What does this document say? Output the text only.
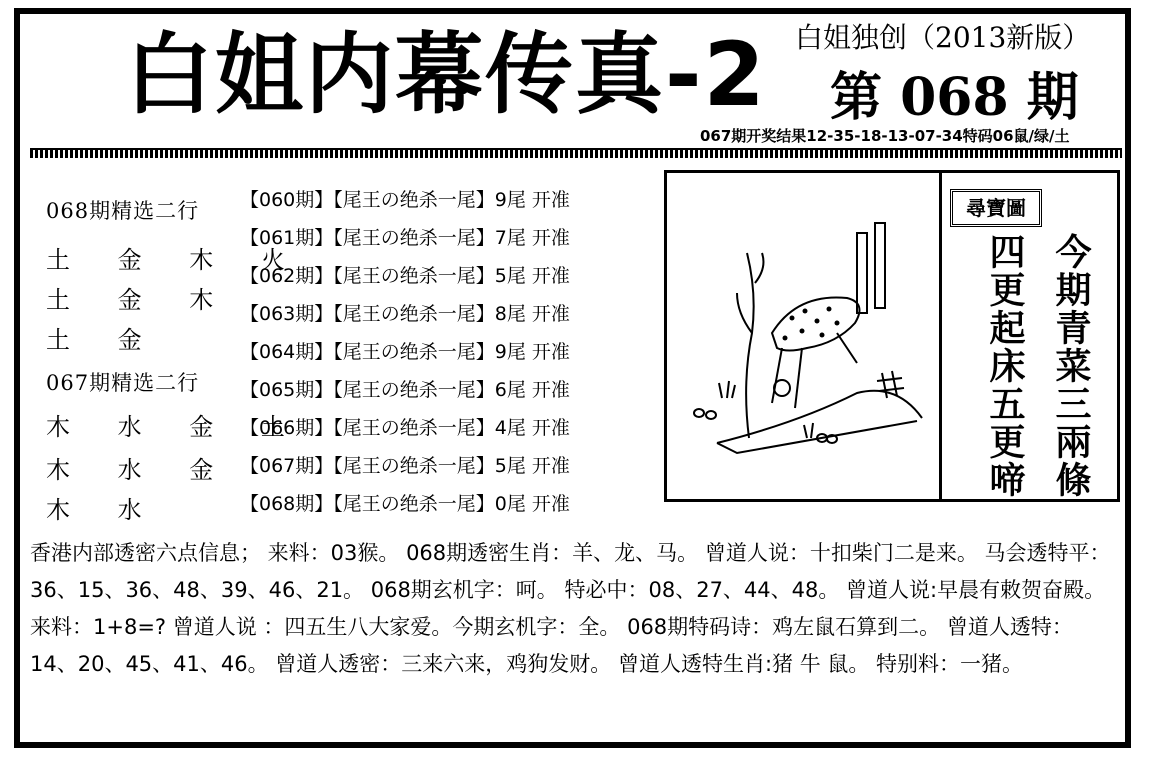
白姐内幕传真-2 白姐独创（2013新版）
第 068 期
067期开奖结果12-35-18-13-07-34特码06鼠/绿/土
068期精选二行
土 金 木 火
土 金 木
土 金
067期精选二行
木 水 金 土
木 水 金
木 水
【060期】【尾王の绝杀一尾】9尾 开准
【061期】【尾王の绝杀一尾】7尾 开准
【062期】【尾王の绝杀一尾】5尾 开准
【063期】【尾王の绝杀一尾】8尾 开准
【064期】【尾王の绝杀一尾】9尾 开准
【065期】【尾王の绝杀一尾】6尾 开准
【066期】【尾王の绝杀一尾】4尾 开准
【067期】【尾王の绝杀一尾】5尾 开准
【068期】【尾王の绝杀一尾】0尾 开准
尋寶圖
今期青菜三兩條
四更起床五更啼
香港内部透密六点信息； 来料：03猴。 068期透密生肖：羊、龙、马。 曾道人说：十扣柴门二是来。 马会透特平：36、15、36、48、39、46、21。 068期玄机字：呵。 特必中：08、27、44、48。 曾道人说:早晨有敕贺奋殿。 来料：1+8=? 曾道人说 ：四五生八大家爱。今期玄机字：全。 068期特码诗：鸡左鼠石算到二。 曾道人透特：14、20、45、41、46。 曾道人透密：三来六来，鸡狗发财。 曾道人透特生肖:猪 牛 鼠。 特别料：一猪。
